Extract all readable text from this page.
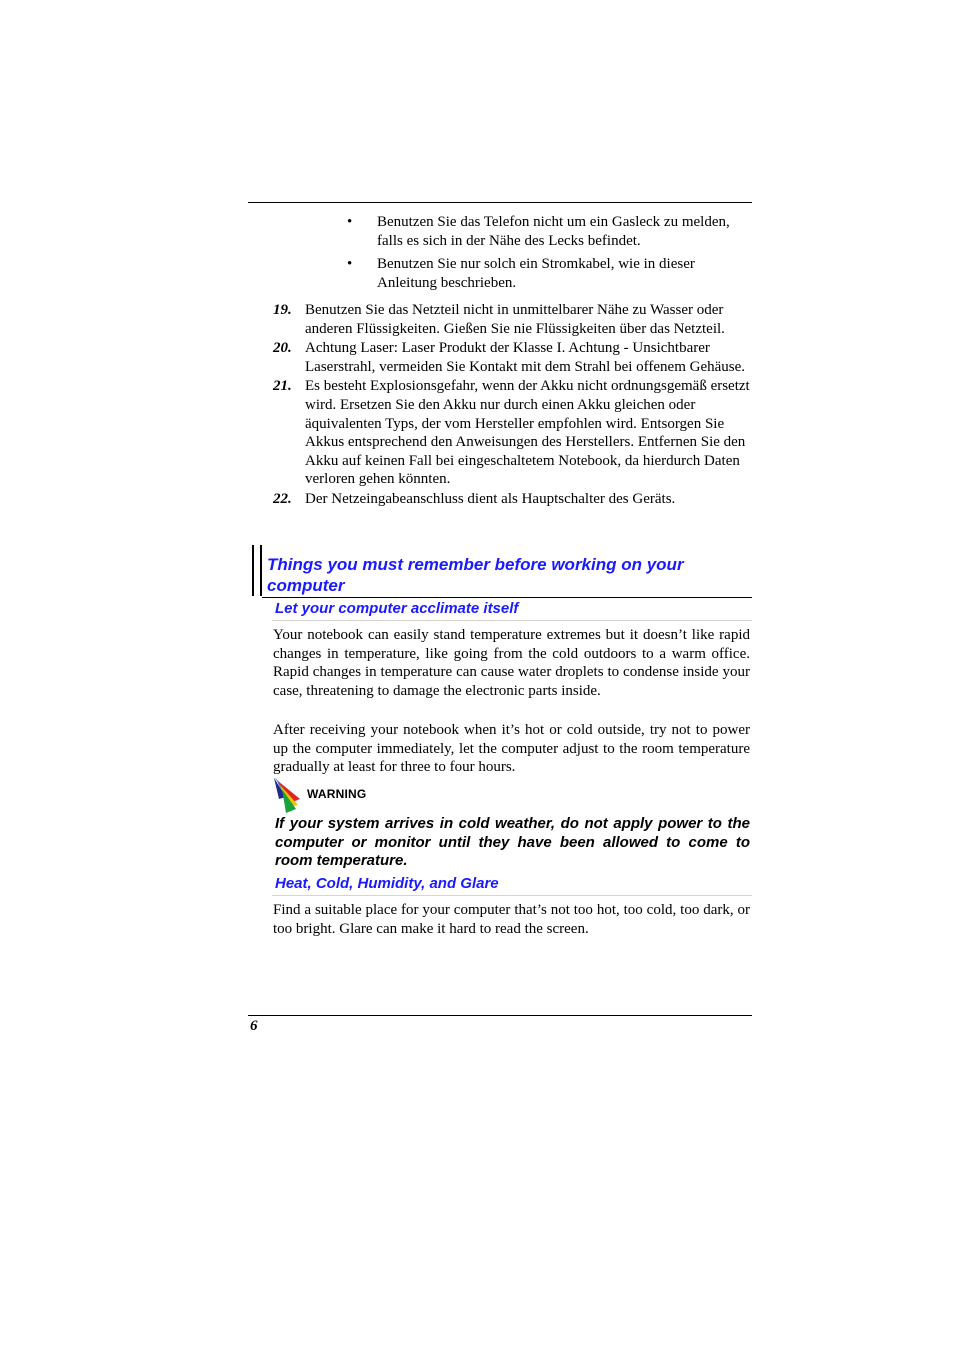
• Benutzen Sie das Telefon nicht um ein Gasleck zu melden, falls es sich in der Nähe des Lecks befindet.
• Benutzen Sie nur solch ein Stromkabel, wie in dieser Anleitung beschrieben.
19. Benutzen Sie das Netzteil nicht in unmittelbarer Nähe zu Wasser oder anderen Flüssigkeiten. Gießen Sie nie Flüssigkeiten über das Netzteil.
20. Achtung Laser: Laser Produkt der Klasse I. Achtung - Unsichtbarer Laserstrahl, vermeiden Sie Kontakt mit dem Strahl bei offenem Gehäuse.
21. Es besteht Explosionsgefahr, wenn der Akku nicht ordnungsgemäß ersetzt wird. Ersetzen Sie den Akku nur durch einen Akku gleichen oder äquivalenten Typs, der vom Hersteller empfohlen wird. Entsorgen Sie Akkus entsprechend den Anweisungen des Herstellers. Entfernen Sie den Akku auf keinen Fall bei eingeschaltetem Notebook, da hierdurch Daten verloren gehen könnten.
22. Der Netzeingabeanschluss dient als Hauptschalter des Geräts.
Things you must remember before working on your computer
Let your computer acclimate itself

Your notebook can easily stand temperature extremes but it doesn’t like rapid changes in temperature, like going from the cold outdoors to a warm office. Rapid changes in temperature can cause water droplets to condense inside your case, threatening to damage the electronic parts inside.

After receiving your notebook when it’s hot or cold outside, try not to power up the computer immediately, let the computer adjust to the room temperature gradually at least for three to four hours.

WARNING

If your system arrives in cold weather, do not apply power to the computer or monitor until they have been allowed to come to room temperature.

Heat, Cold, Humidity, and Glare

Find a suitable place for your computer that’s not too hot, too cold, too dark, or too bright. Glare can make it hard to read the screen.

6
